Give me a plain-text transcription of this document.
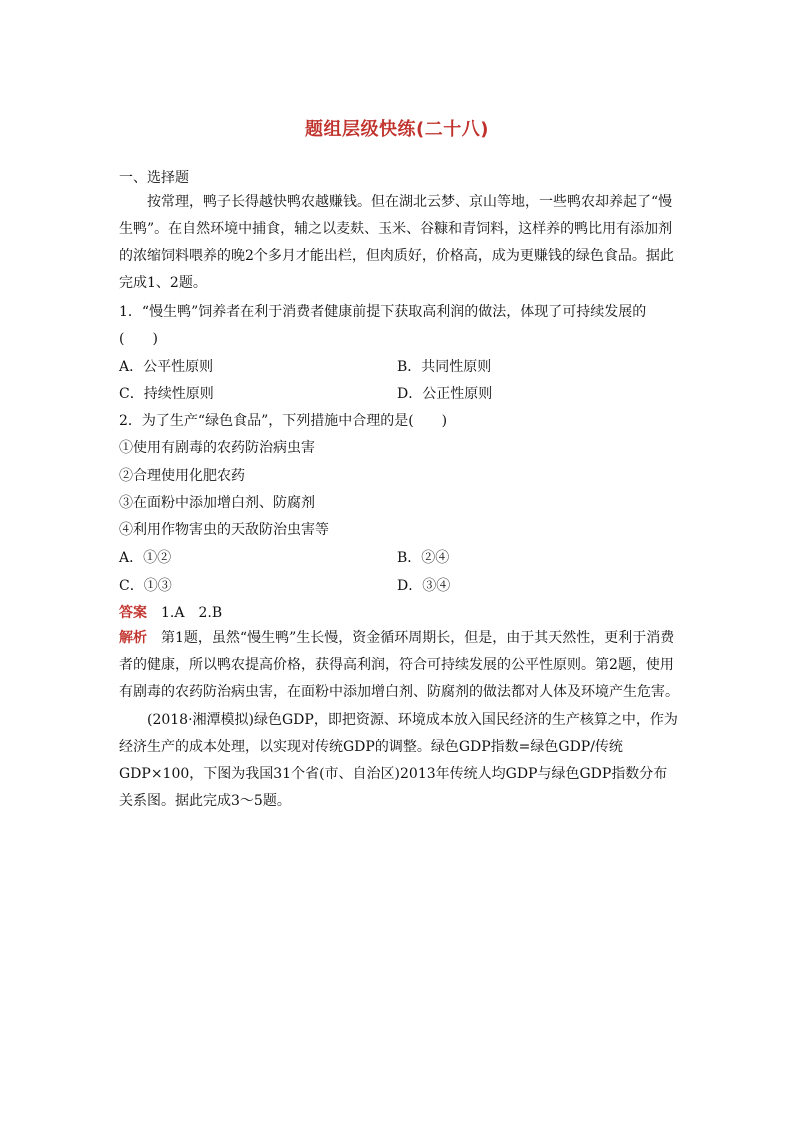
题组层级快练(二十八)
一、选择题
按常理，鸭子长得越快鸭农越赚钱。但在湖北云梦、京山等地，一些鸭农却养起了“慢生鸭”。在自然环境中捕食，辅之以麦麸、玉米、谷糠和青饲料，这样养的鸭比用有添加剂的浓缩饲料喂养的晚2个多月才能出栏，但肉质好，价格高，成为更赚钱的绿色食品。据此完成1、2题。
1．“慢生鸭”饲养者在利于消费者健康前提下获取高利润的做法，体现了可持续发展的
(　　)
A．公平性原则	B．共同性原则
C．持续性原则	D．公正性原则
2．为了生产“绿色食品”，下列措施中合理的是(　　)
①使用有剧毒的农药防治病虫害
②合理使用化肥农药
③在面粉中添加增白剂、防腐剂
④利用作物害虫的天敌防治虫害等
A．①②	B．②④
C．①③	D．③④
答案 1.A　2.B
解析　 第1题，虽然“慢生鸭”生长慢，资金循环周期长，但是，由于其天然性，更利于消费者的健康，所以鸭农提高价格，获得高利润，符合可持续发展的公平性原则。第2题，使用有剧毒的农药防治病虫害，在面粉中添加增白剂、防腐剂的做法都对人体及环境产生危害。
(2018·湘潭模拟)绿色GDP，即把资源、环境成本放入国民经济的生产核算之中，作为经济生产的成本处理，以实现对传统GDP的调整。绿色GDP指数=绿色GDP/传统GDP×100，下图为我国31个省(市、自治区)2013年传统人均GDP与绿色GDP指数分布关系图。据此完成3～5题。
